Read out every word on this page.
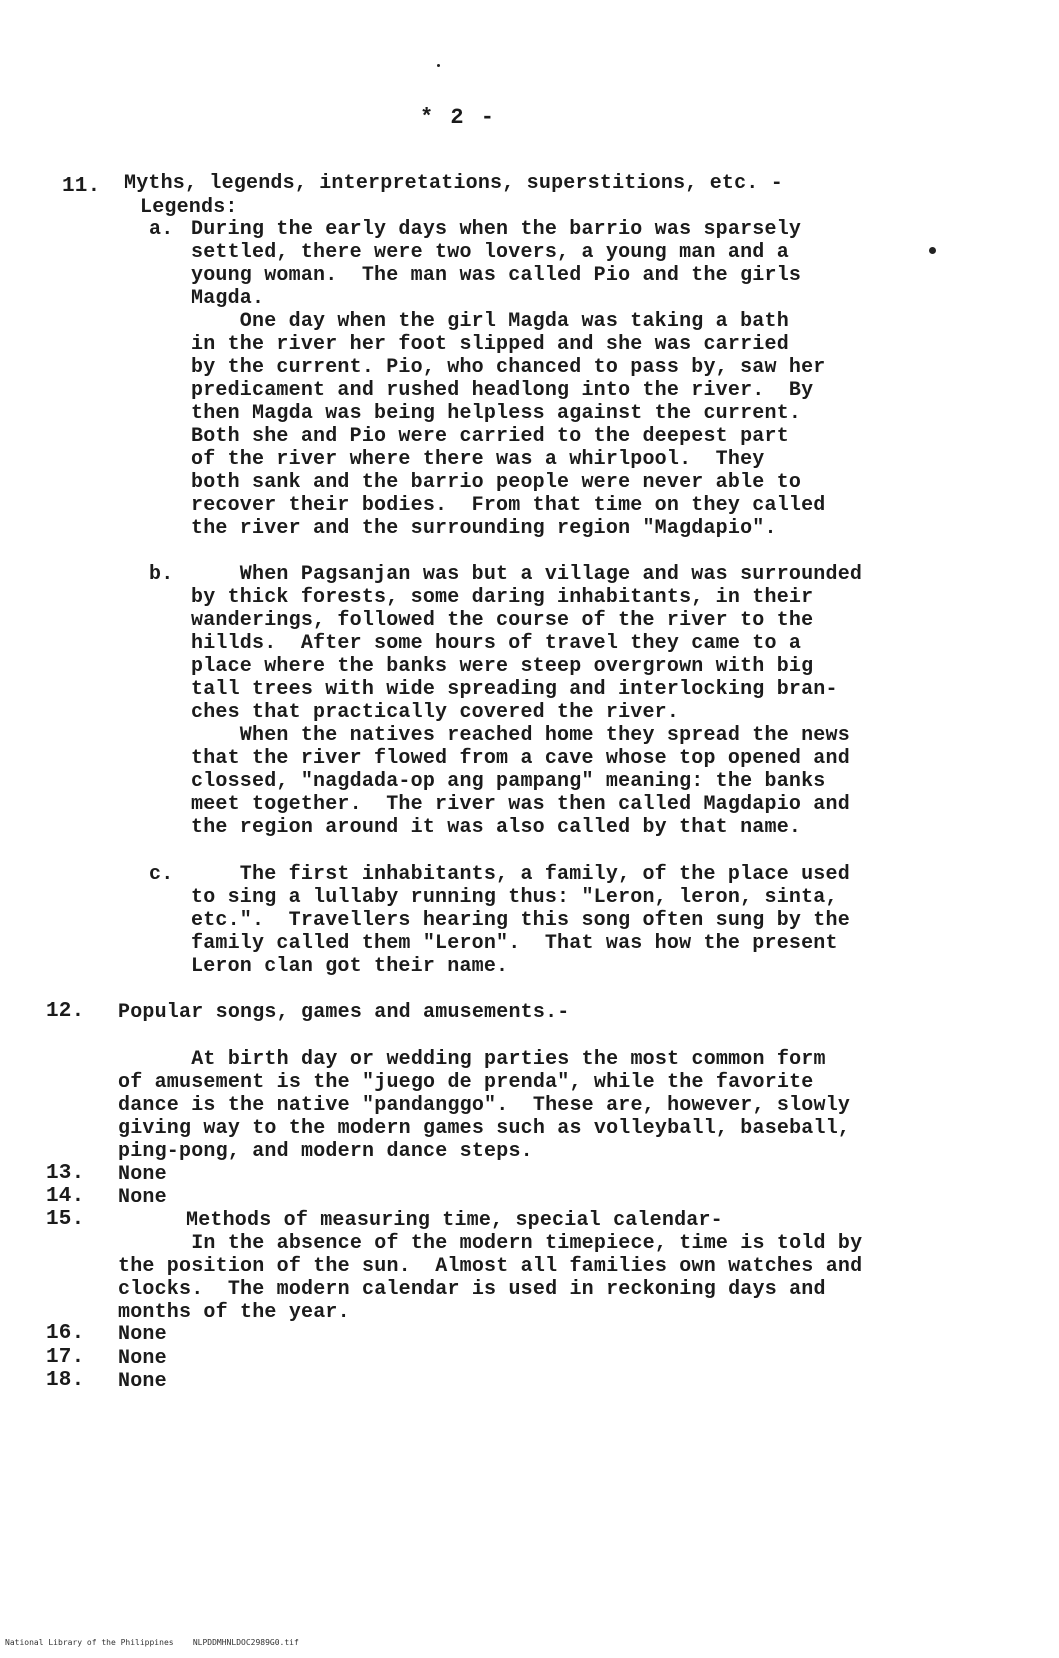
* 2 -
11. Myths, legends, interpretations, superstitions, etc. -
Legends:
a. During the early days when the barrio was sparsely
settled, there were two lovers, a young man and a
young woman.  The man was called Pio and the girls
Magda.
One day when the girl Magda was taking a bath
in the river her foot slipped and she was carried
by the current. Pio, who chanced to pass by, saw her
predicament and rushed headlong into the river.  By
then Magda was being helpless against the current.
Both she and Pio were carried to the deepest part
of the river where there was a whirlpool.  They
both sank and the barrio people were never able to
recover their bodies.  From that time on they called
the river and the surrounding region "Magdapio".
b. When Pagsanjan was but a village and was surrounded
by thick forests, some daring inhabitants, in their
wanderings, followed the course of the river to the
hillds.  After some hours of travel they came to a
place where the banks were steep overgrown with big
tall trees with wide spreading and interlocking bran-
ches that practically covered the river.
When the natives reached home they spread the news
that the river flowed from a cave whose top opened and
clossed, "nagdada-op ang pampang" meaning: the banks
meet together.  The river was then called Magdapio and
the region around it was also called by that name.
c. The first inhabitants, a family, of the place used
to sing a lullaby running thus: "Leron, leron, sinta,
etc.".  Travellers hearing this song often sung by the
family called them "Leron".  That was how the present
Leron clan got their name.
12. Popular songs, games and amusements.-
At birth day or wedding parties the most common form
of amusement is the "juego de prenda", while the favorite
dance is the native "pandanggo".  These are, however, slowly
giving way to the modern games such as volleyball, baseball,
ping-pong, and modern dance steps.
13. None
14. None
15.	Methods of measuring time, special calendar-
In the absence of the modern timepiece, time is told by
the position of the sun.  Almost all families own watches and
clocks.  The modern calendar is used in reckoning days and
months of the year.
16. None
17. None
18. None
National Library of the Philippines    NLPDDMHNLDOC2989G0.tif
